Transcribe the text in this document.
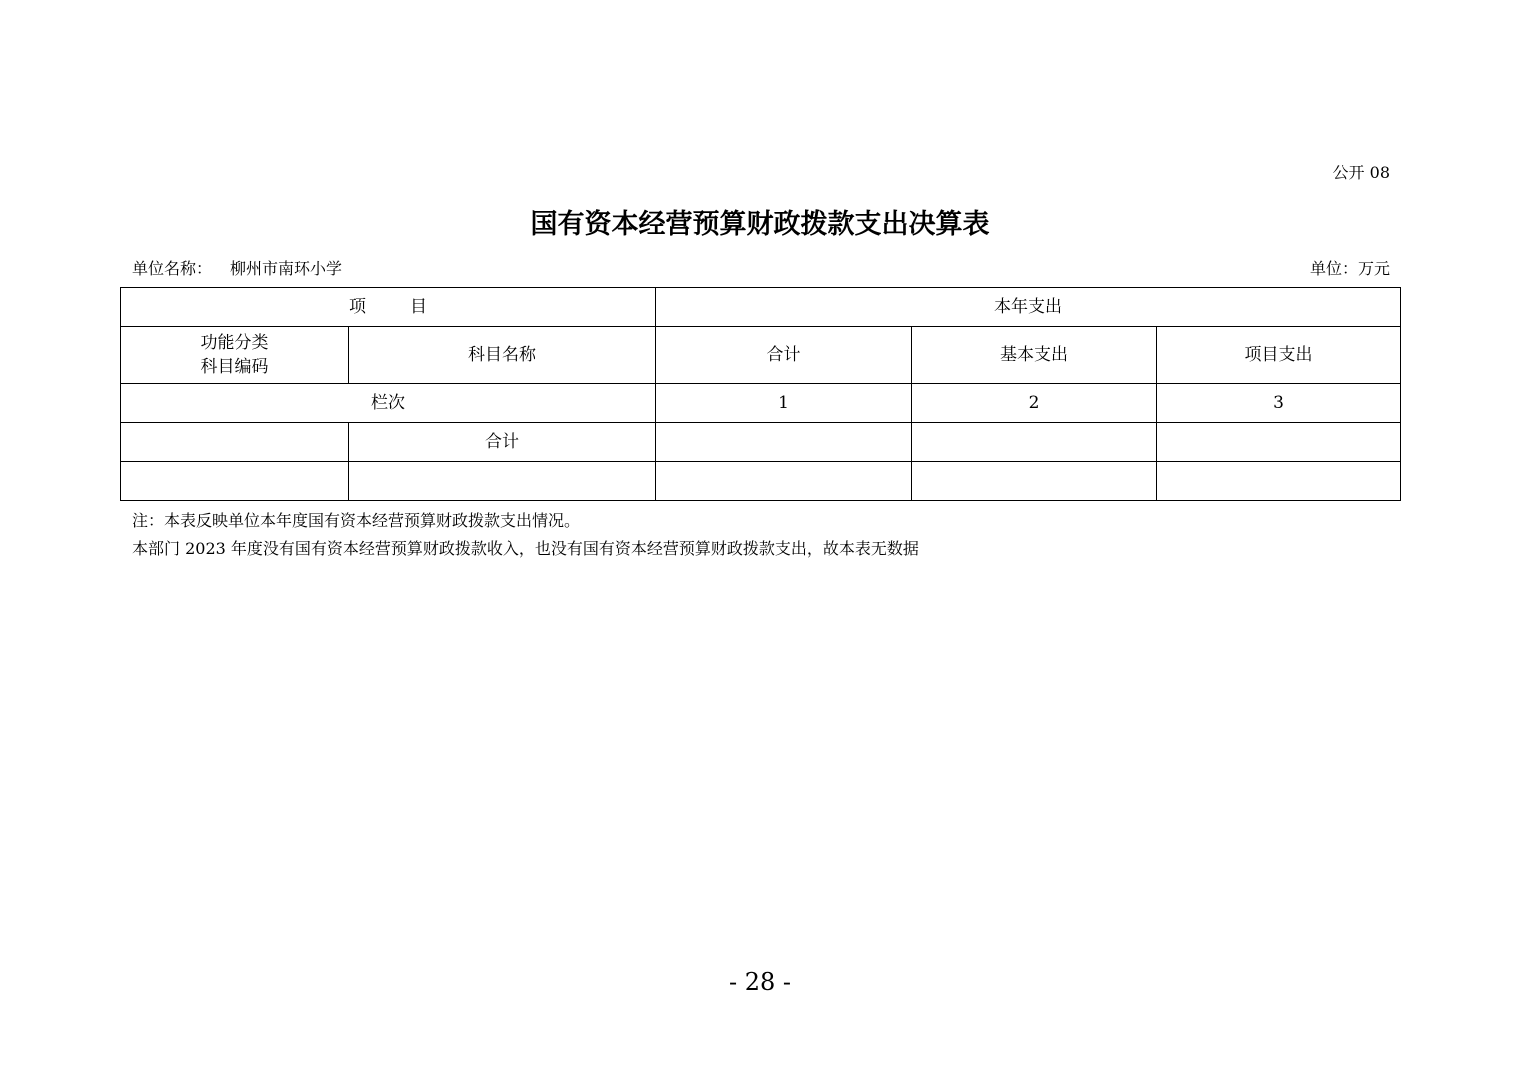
公开 08
国有资本经营预算财政拨款支出决算表
单位名称： 柳州市南环小学	单位：万元
项 目		本年支出		

功能分类
科目编码	科目名称	合计	基本支出	项目支出
栏次		1	2	3
	合计			

注：本表反映单位本年度国有资本经营预算财政拨款支出情况。
本部门 2023 年度没有国有资本经营预算财政拨款收入，也没有国有资本经营预算财政拨款支出，故本表无数据
- 28 -
